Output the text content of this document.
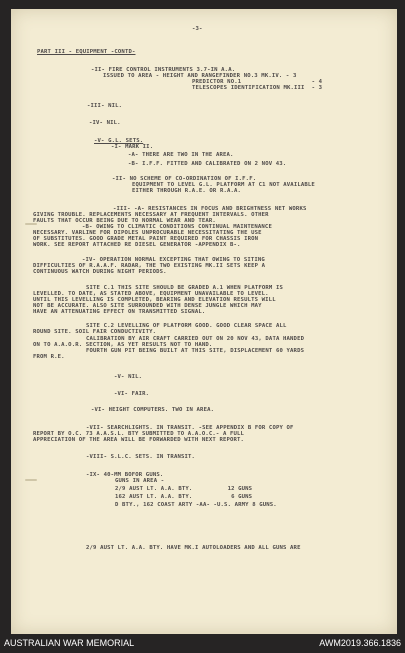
-3-
PART III - EQUIPMENT -CONTD-
-II- FIRE CONTROL INSTRUMENTS 3.7-IN A.A.
ISSUED TO AREA - HEIGHT AND RANGEFINDER NO.3 MK.IV. - 3
PREDICTOR NO.1                    - 4
TELESCOPES IDENTIFICATION MK.III  - 3
-III- NIL.
-IV- NIL.
-V- G.L. SETS.
-I- MARK II.
-A- THERE ARE TWO IN THE AREA.
-B- I.F.F. FITTED AND CALIBRATED ON 2 NOV 43.
-II- NO SCHEME OF CO-ORDINATION OF I.F.F.
EQUIPMENT TO LEVEL G.L. PLATFORM AT C1 NOT AVAILABLE
EITHER THROUGH R.A.E. OR R.A.A.
-III- -A- RESISTANCES IN FOCUS AND BRIGHTNESS NET WORKS
GIVING TROUBLE. REPLACEMENTS NECESSARY AT FREQUENT INTERVALS. OTHER
FAULTS THAT OCCUR BEING DUE TO NORMAL WEAR AND TEAR.
-B- OWING TO CLIMATIC CONDITIONS CONTINUAL MAINTENANCE
NECESSARY. VARLINE FOR DIPOLES UNPROCURABLE NECESSITATING THE USE
OF SUBSTITUTES. GOOD GRADE METAL PAINT REQUIRED FOR CHASSIS IRON
WORK. SEE REPORT ATTACHED RE DIESEL GENERATOR -APPENDIX B-.
-IV- OPERATION NORMAL EXCEPTING THAT OWING TO SITING
DIFFICULTIES OF R.A.A.F. RADAR, THE TWO EXISTING MK.II SETS KEEP A
CONTINUOUS WATCH DURING NIGHT PERIODS.
SITE C.1 THIS SITE SHOULD BE GRADED A.1 WHEN PLATFORM IS
LEVELLED. TO DATE, AS STATED ABOVE, EQUIPMENT UNAVAILABLE TO LEVEL.
UNTIL THIS LEVELLING IS COMPLETED, BEARING AND ELEVATION RESULTS WILL
NOT BE ACCURATE. ALSO SITE SURROUNDED WITH DENSE JUNGLE WHICH MAY
HAVE AN ATTENUATING EFFECT ON TRANSMITTED SIGNAL.
SITE C.2 LEVELLING OF PLATFORM GOOD. GOOD CLEAR SPACE ALL
ROUND SITE. SOIL FAIR CONDUCTIVITY.
CALIBRATION BY AIR CRAFT CARRIED OUT ON 20 NOV 43, DATA HANDED
ON TO A.A.O.R. SECTION, AS YET RESULTS NOT TO HAND.
FOURTH GUN PIT BEING BUILT AT THIS SITE, DISPLACEMENT 60 YARDS
FROM R.E.
-V- NIL.
-VI- FAIR.
-VI- HEIGHT COMPUTERS. TWO IN AREA.
-VII- SEARCHLIGHTS. IN TRANSIT. -SEE APPENDIX B FOR COPY OF
REPORT BY O.C. 73 A.A.S.L. BTY SUBMITTED TO A.A.O.C.- A FULL
APPRECIATION OF THE AREA WILL BE FORWARDED WITH NEXT REPORT.
-VIII- S.L.C. SETS. IN TRANSIT.
-IX- 40-MM BOFOR GUNS.
GUNS IN AREA -
2/9 AUST LT. A.A. BTY.          12 GUNS
162 AUST LT. A.A. BTY.           6 GUNS
D BTY., 162 COAST ARTY -AA- -U.S. ARMY 8 GUNS.
2/9 AUST LT. A.A. BTY. HAVE MK.I AUTOLOADERS AND ALL GUNS ARE
AUSTRALIAN WAR MEMORIAL	AWM2019.366.1836
